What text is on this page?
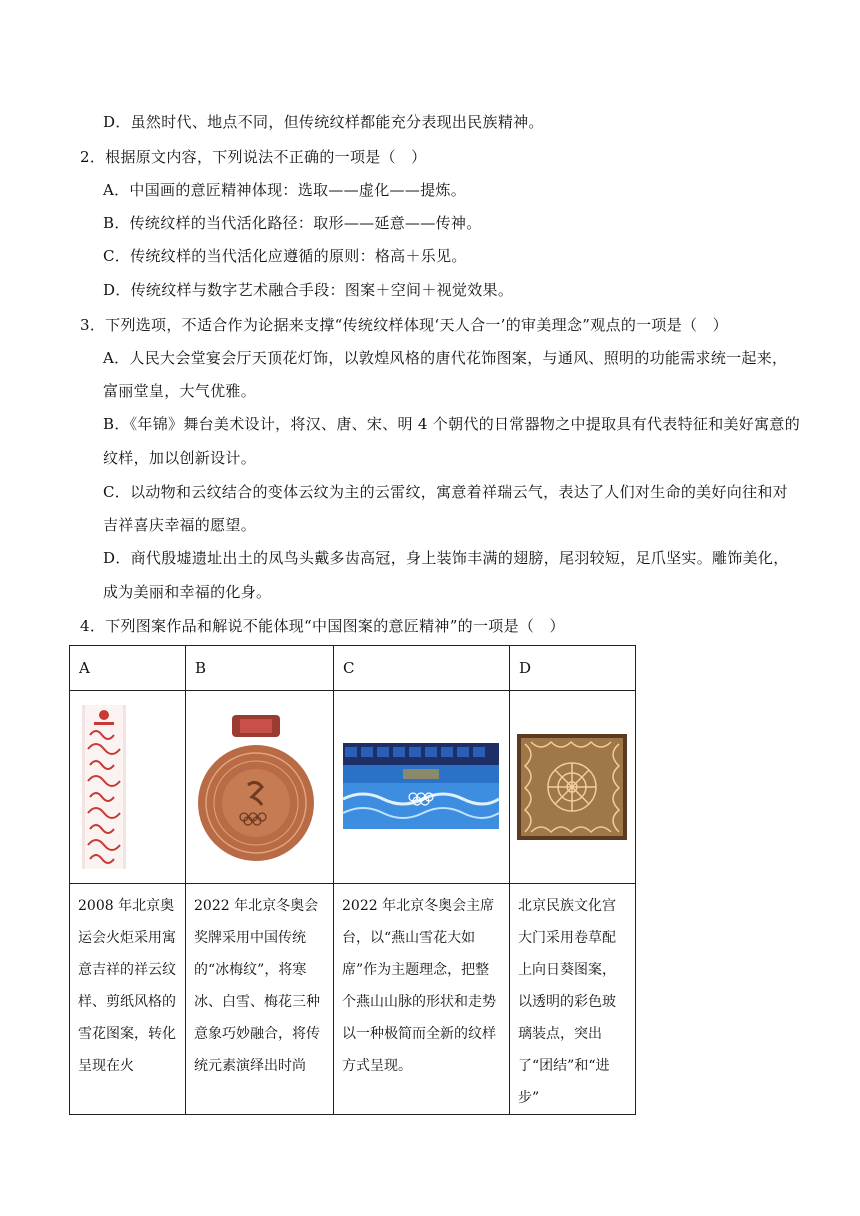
D．虽然时代、地点不同，但传统纹样都能充分表现出民族精神。
2．根据原文内容，下列说法不正确的一项是（　）
A．中国画的意匠精神体现：选取——虚化——提炼。
B．传统纹样的当代活化路径：取形——延意——传神。
C．传统纹样的当代活化应遵循的原则：格高＋乐见。
D．传统纹样与数字艺术融合手段：图案＋空间＋视觉效果。
3．下列选项，不适合作为论据来支撑“传统纹样体现‘天人合一’的审美理念”观点的一项是（　）
A．人民大会堂宴会厅天顶花灯饰，以敦煌风格的唐代花饰图案，与通风、照明的功能需求统一起来，
富丽堂皇，大气优雅。
B．《年锦》舞台美术设计，将汉、唐、宋、明 4 个朝代的日常器物之中提取具有代表特征和美好寓意的
纹样，加以创新设计。
C．以动物和云纹结合的变体云纹为主的云雷纹，寓意着祥瑞云气，表达了人们对生命的美好向往和对
吉祥喜庆幸福的愿望。
D．商代殷墟遗址出土的凤鸟头戴多齿高冠，身上装饰丰满的翅膀，尾羽较短，足爪坚实。雕饰美化，
成为美丽和幸福的化身。
4．下列图案作品和解说不能体现“中国图案的意匠精神”的一项是（　）
A	B	C	D

2008 年北京奥运会火炬采用寓意吉祥的祥云纹样、剪纸风格的雪花图案，转化呈现在火	2022 年北京冬奥会奖牌采用中国传统的“冰梅纹”，将寒冰、白雪、梅花三种意象巧妙融合，将传统元素演绎出时尚	2022 年北京冬奥会主席台，以“燕山雪花大如席”作为主题理念，把整个燕山山脉的形状和走势以一种极简而全新的纹样方式呈现。	北京民族文化宫大门采用卷草配上向日葵图案，以透明的彩色玻璃装点，突出了“团结”和“进步”
